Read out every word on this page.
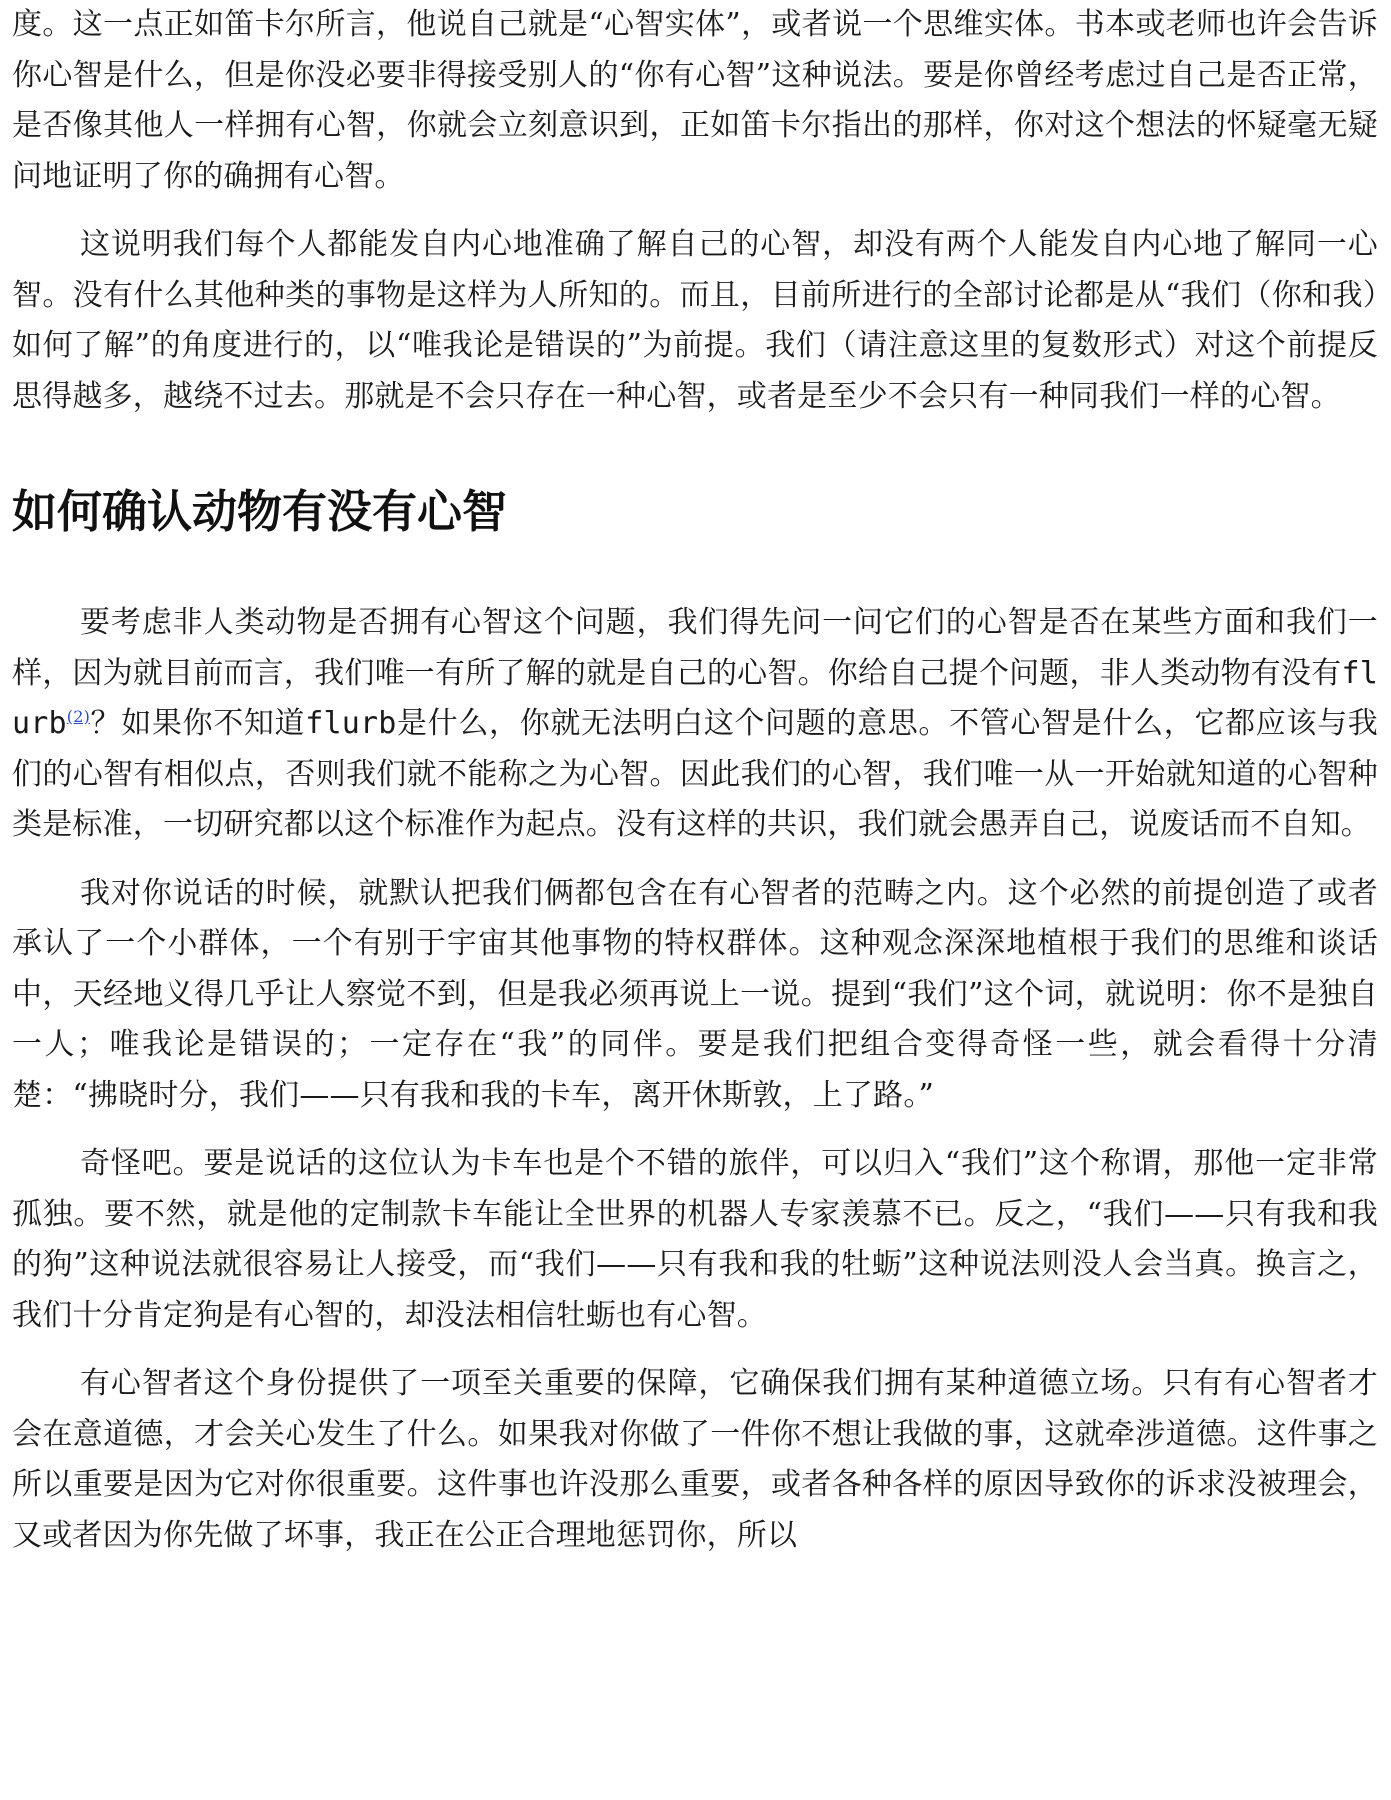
度。这一点正如笛卡尔所言，他说自己就是“心智实体”，或者说一个思维实体。书本或老师也许会告诉你心智是什么，但是你没必要非得接受别人的“你有心智”这种说法。要是你曾经考虑过自己是否正常，是否像其他人一样拥有心智，你就会立刻意识到，正如笛卡尔指出的那样，你对这个想法的怀疑毫无疑问地证明了你的确拥有心智。

这说明我们每个人都能发自内心地准确了解自己的心智，却没有两个人能发自内心地了解同一心智。没有什么其他种类的事物是这样为人所知的。而且，目前所进行的全部讨论都是从“我们（你和我）如何了解”的角度进行的，以“唯我论是错误的”为前提。我们（请注意这里的复数形式）对这个前提反思得越多，越绕不过去。那就是不会只存在一种心智，或者是至少不会只有一种同我们一样的心智。

如何确认动物有没有心智

要考虑非人类动物是否拥有心智这个问题，我们得先问一问它们的心智是否在某些方面和我们一样，因为就目前而言，我们唯一有所了解的就是自己的心智。你给自己提个问题，非人类动物有没有flurb$^{(2)}$？如果你不知道flurb是什么，你就无法明白这个问题的意思。不管心智是什么，它都应该与我们的心智有相似点，否则我们就不能称之为心智。因此我们的心智，我们唯一从一开始就知道的心智种类是标准，一切研究都以这个标准作为起点。没有这样的共识，我们就会愚弄自己，说废话而不自知。

我对你说话的时候，就默认把我们俩都包含在有心智者的范畴之内。这个必然的前提创造了或者承认了一个小群体，一个有别于宇宙其他事物的特权群体。这种观念深深地植根于我们的思维和谈话中，天经地义得几乎让人察觉不到，但是我必须再说上一说。提到“我们”这个词，就说明：你不是独自一人；唯我论是错误的；一定存在“我”的同伴。要是我们把组合变得奇怪一些，就会看得十分清楚：“拂晓时分，我们——只有我和我的卡车，离开休斯敦，上了路。”

奇怪吧。要是说话的这位认为卡车也是个不错的旅伴，可以归入“我们”这个称谓，那他一定非常孤独。要不然，就是他的定制款卡车能让全世界的机器人专家羡慕不已。反之，“我们——只有我和我的狗”这种说法就很容易让人接受，而“我们——只有我和我的牡蛎”这种说法则没人会当真。换言之，我们十分肯定狗是有心智的，却没法相信牡蛎也有心智。

有心智者这个身份提供了一项至关重要的保障，它确保我们拥有某种道德立场。只有有心智者才会在意道德，才会关心发生了什么。如果我对你做了一件你不想让我做的事，这就牵涉道德。这件事之所以重要是因为它对你很重要。这件事也许没那么重要，或者各种各样的原因导致你的诉求没被理会，又或者因为你先做了坏事，我正在公正合理地惩罚你，所以
